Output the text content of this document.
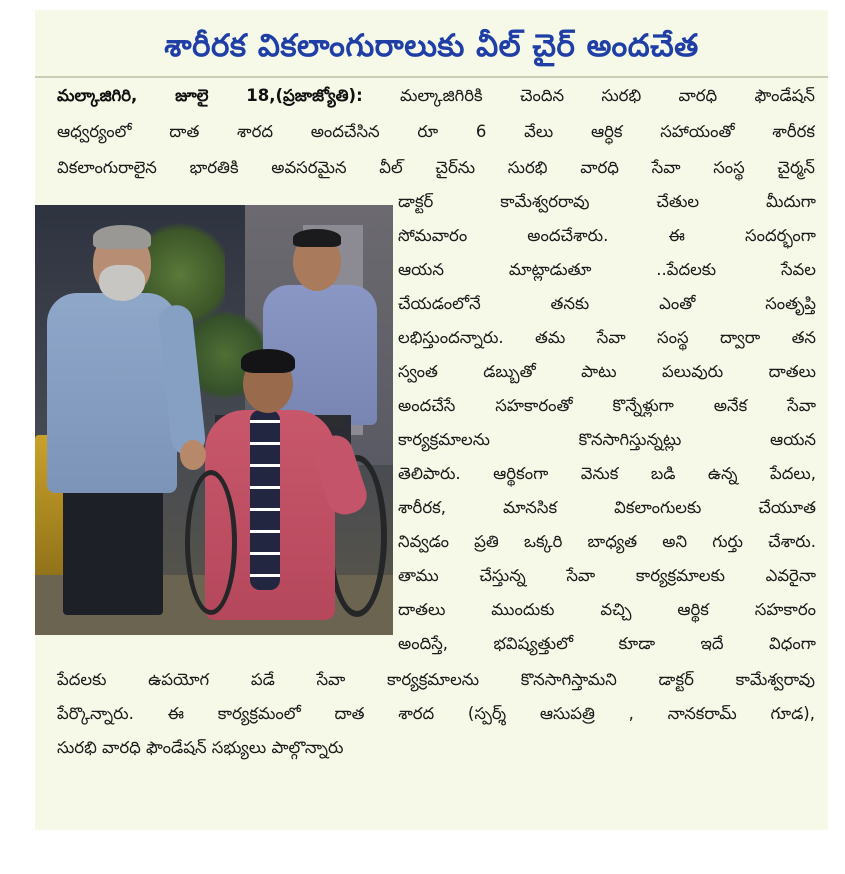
శారీరక వికలాంగురాలుకు వీల్ చైర్ అందచేత
మల్కాజిగిరి, జూలై 18,(ప్రజాజ్యోతి): మల్కాజిగిరికి చెందిన సురభి వారధి ఫౌండేషన్
ఆధ్వర్యంలో దాత శారద అందచేసిన రూ 6 వేలు ఆర్ధిక సహాయంతో శారీరక
వికలాంగురాలైన భారతికి అవసరమైన వీల్ చైర్‌ను సురభి వారధి సేవా సంస్థ చైర్మన్
డాక్టర్ కామేశ్వరరావు చేతుల మీదుగా
సోమవారం అందచేశారు. ఈ సందర్భంగా
ఆయన మాట్లాడుతూ ..పేదలకు సేవల
చేయడంలోనే తనకు ఎంతో సంతృప్తి
లభిస్తుందన్నారు. తమ సేవా సంస్థ ద్వారా తన
స్వంత డబ్బుతో పాటు పలువురు దాతలు
అందచేసే సహకారంతో కొన్నేళ్లుగా అనేక సేవా
కార్యక్రమాలను కొనసాగిస్తున్నట్లు ఆయన
తెలిపారు. ఆర్థికంగా వెనుక బడి ఉన్న పేదలు,
శారీరక, మానసిక వికలాంగులకు చేయూత
నివ్వడం ప్రతి ఒక్కరి బాధ్యత అని గుర్తు చేశారు.
తాము చేస్తున్న సేవా కార్యక్రమాలకు ఎవరైనా
దాతలు ముందుకు వచ్చి ఆర్థిక సహకారం
అందిస్తే, భవిష్యత్తులో కూడా ఇదే విధంగా
పేదలకు ఉపయోగ పడే సేవా కార్యక్రమాలను కొనసాగిస్తామని డాక్టర్ కామేశ్వరావు
పేర్కొన్నారు. ఈ కార్యక్రమంలో దాత శారద (స్పర్శ్ ఆసుపత్రి , నానకరామ్ గూడ),
సురభి వారధి ఫౌండేషన్ సభ్యులు పాల్గొన్నారు
